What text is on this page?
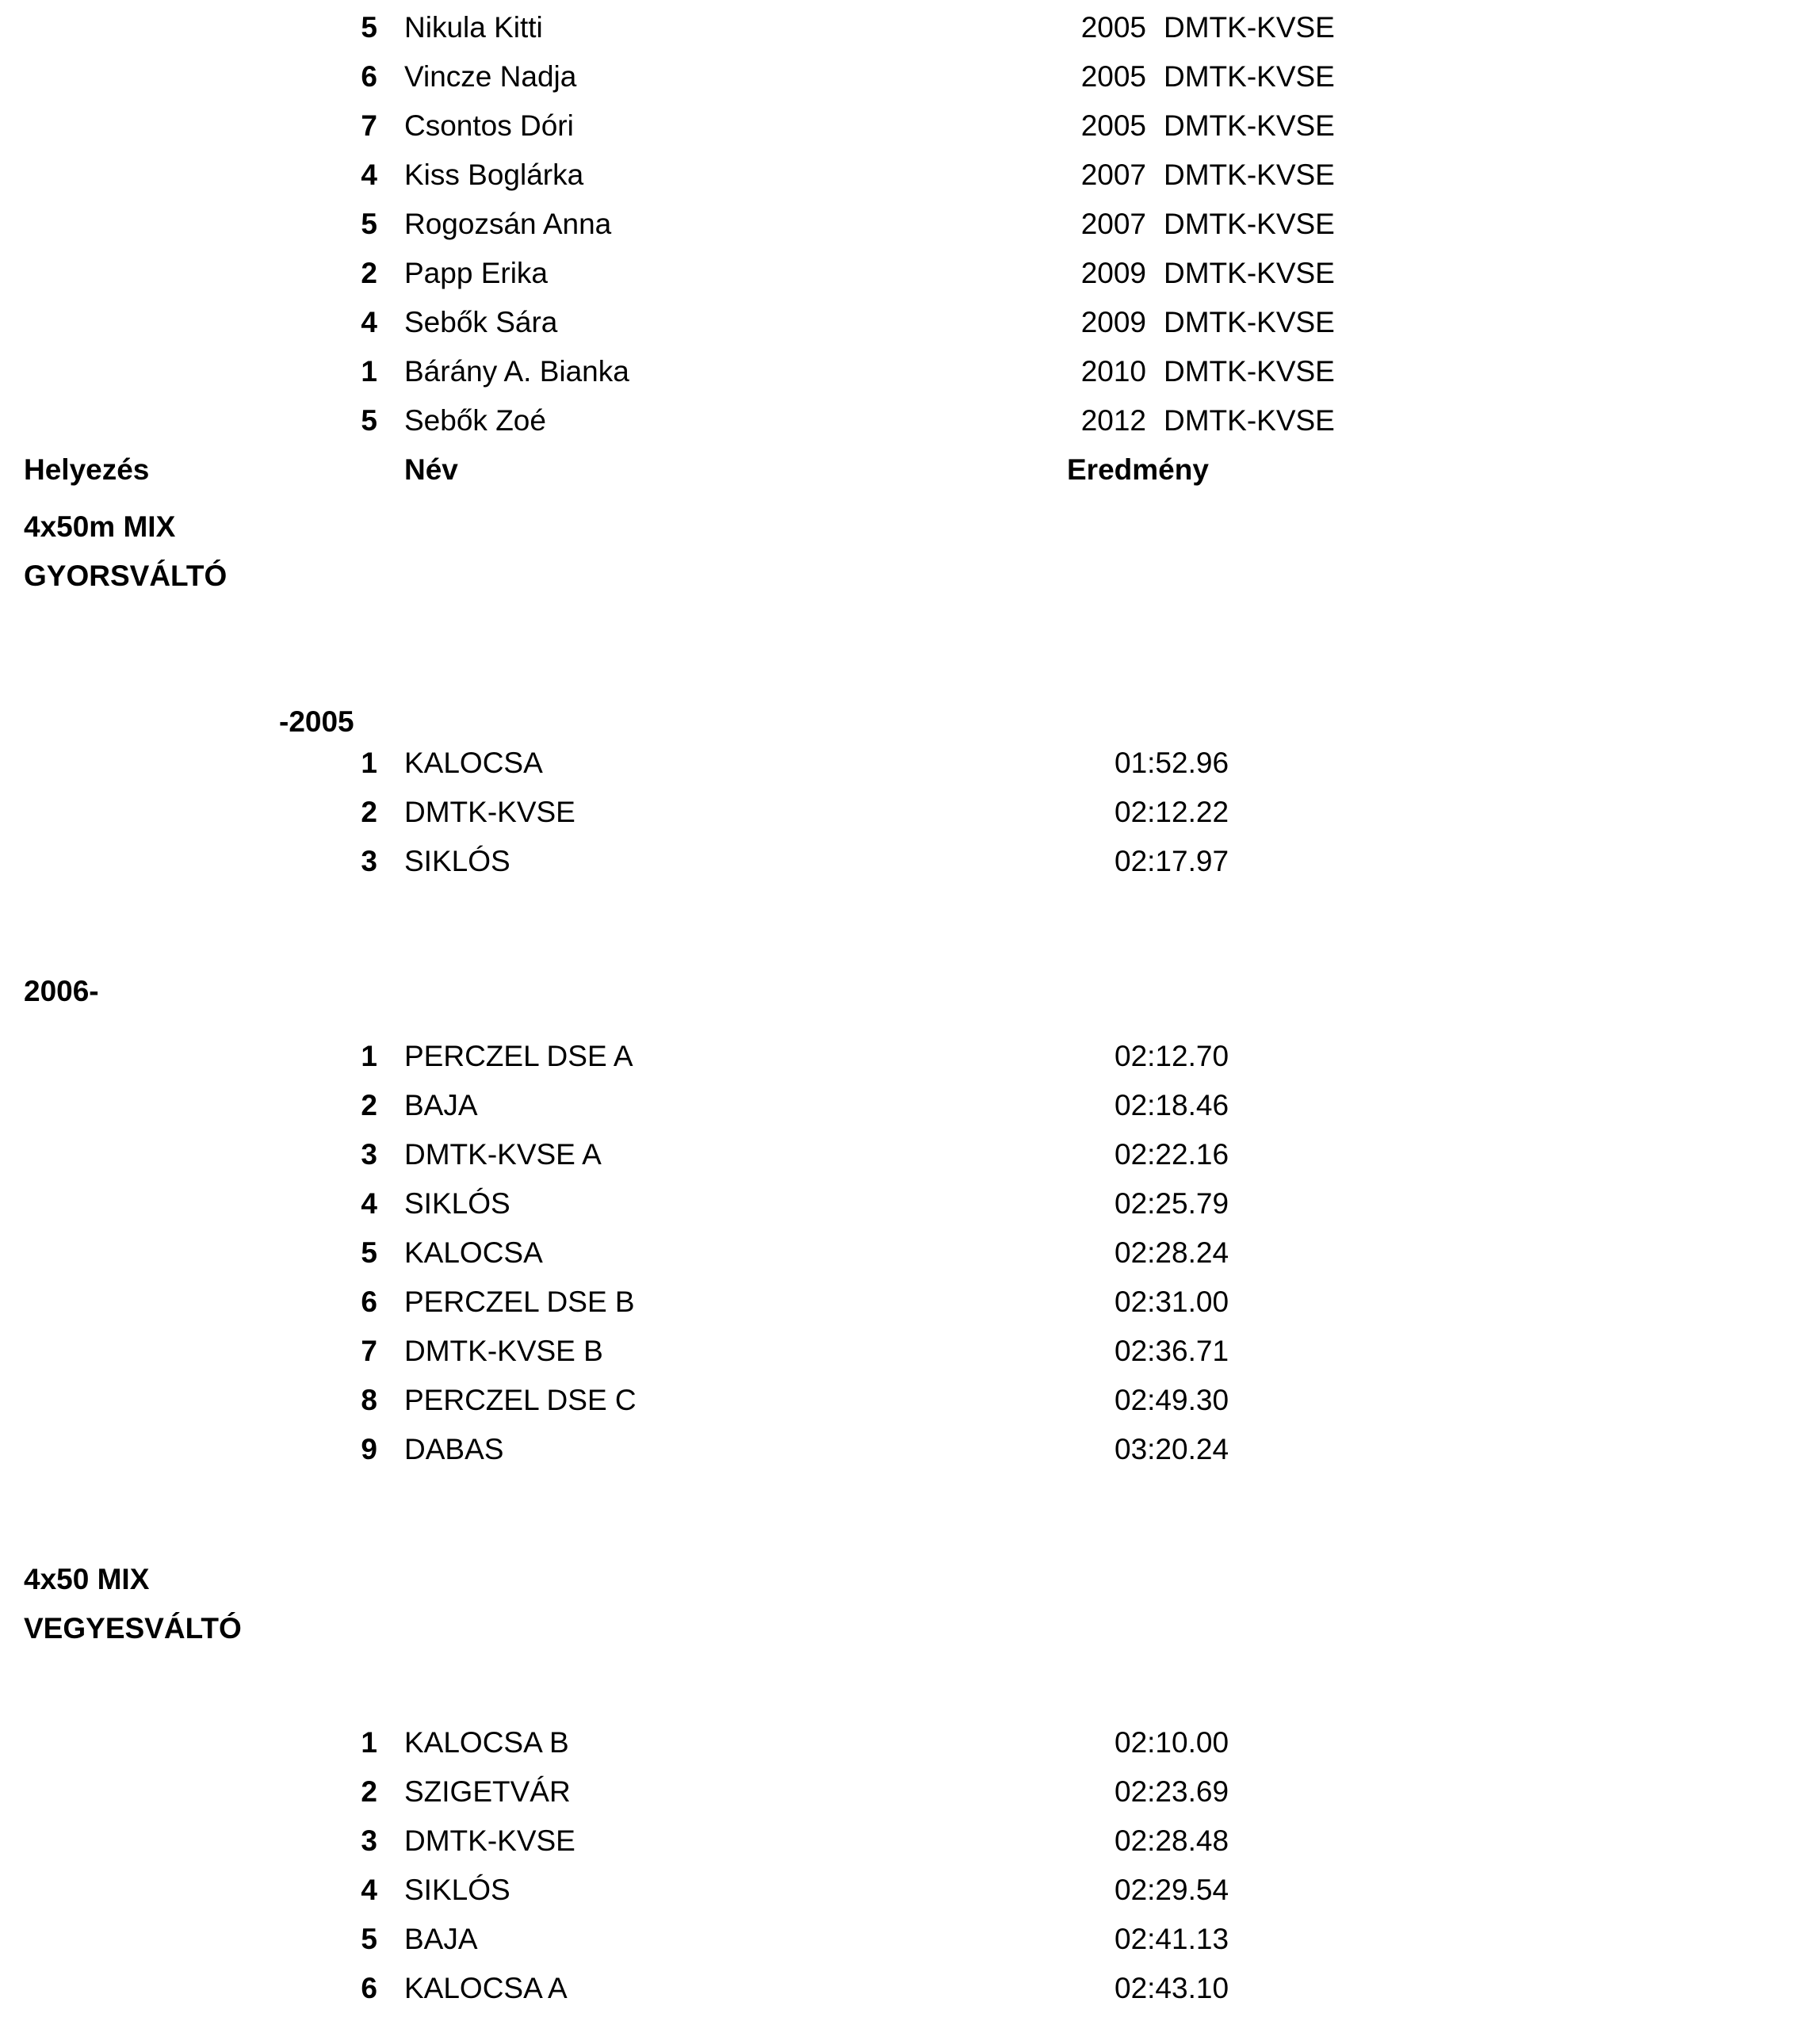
5 Nikula Kitti	2005 DMTK-KVSE
6 Vincze Nadja	2005 DMTK-KVSE
7 Csontos Dóri	2005 DMTK-KVSE
4 Kiss Boglárka	2007 DMTK-KVSE
5 Rogozsán Anna	2007 DMTK-KVSE
2 Papp Erika	2009 DMTK-KVSE
4 Sebők Sára	2009 DMTK-KVSE
1 Bárány A. Bianka	2010 DMTK-KVSE
5 Sebők Zoé	2012 DMTK-KVSE
Helyezés	Név	Eredmény
4x50m MIX
GYORSVÁLTÓ
-2005
1 KALOCSA	01:52.96
2 DMTK-KVSE	02:12.22
3 SIKLÓS	02:17.97
2006-
1 PERCZEL DSE A	02:12.70
2 BAJA	02:18.46
3 DMTK-KVSE A	02:22.16
4 SIKLÓS	02:25.79
5 KALOCSA	02:28.24
6 PERCZEL DSE B	02:31.00
7 DMTK-KVSE B	02:36.71
8 PERCZEL DSE C	02:49.30
9 DABAS	03:20.24
4x50 MIX
VEGYESVÁLTÓ
1 KALOCSA B	02:10.00
2 SZIGETVÁR	02:23.69
3 DMTK-KVSE	02:28.48
4 SIKLÓS	02:29.54
5 BAJA	02:41.13
6 KALOCSA A	02:43.10
